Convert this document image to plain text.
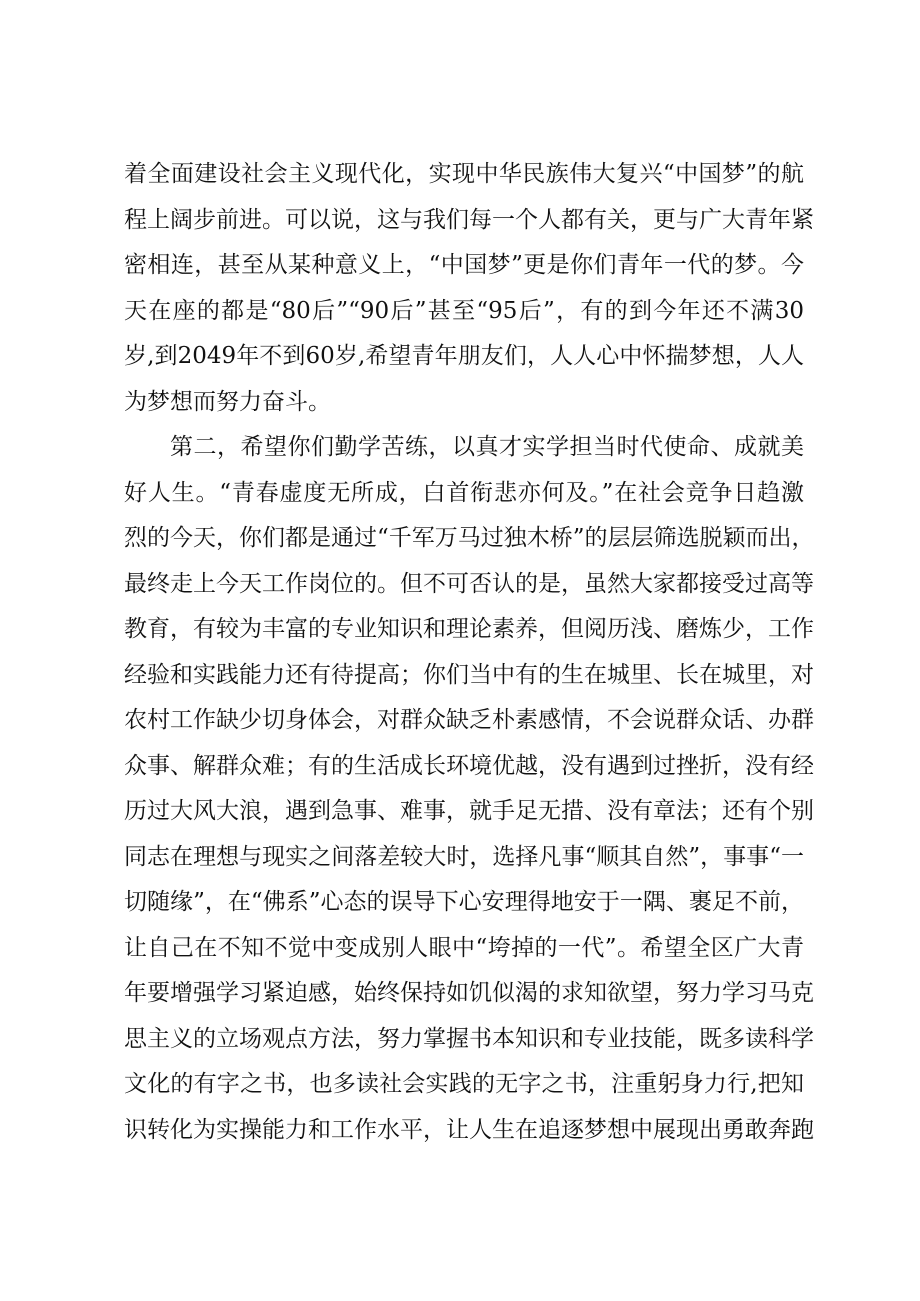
着全面建设社会主义现代化，实现中华民族伟大复兴“中国梦”的航
程上阔步前进。可以说，这与我们每一个人都有关，更与广大青年紧
密相连，甚至从某种意义上，“中国梦”更是你们青年一代的梦。今
天在座的都是“80后”“90后”甚至“95后”，有的到今年还不满30
岁,到2049年不到60岁,希望青年朋友们，人人心中怀揣梦想，人人
为梦想而努力奋斗。
第二，希望你们勤学苦练，以真才实学担当时代使命、成就美
好人生。“青春虚度无所成，白首衔悲亦何及。”在社会竞争日趋激
烈的今天，你们都是通过“千军万马过独木桥”的层层筛选脱颖而出，
最终走上今天工作岗位的。但不可否认的是，虽然大家都接受过高等
教育，有较为丰富的专业知识和理论素养，但阅历浅、磨炼少，工作
经验和实践能力还有待提高；你们当中有的生在城里、长在城里，对
农村工作缺少切身体会，对群众缺乏朴素感情，不会说群众话、办群
众事、解群众难；有的生活成长环境优越，没有遇到过挫折，没有经
历过大风大浪，遇到急事、难事，就手足无措、没有章法；还有个别
同志在理想与现实之间落差较大时，选择凡事“顺其自然”，事事“一
切随缘”，在“佛系”心态的误导下心安理得地安于一隅、裹足不前，
让自己在不知不觉中变成别人眼中“垮掉的一代”。希望全区广大青
年要增强学习紧迫感，始终保持如饥似渴的求知欲望，努力学习马克
思主义的立场观点方法，努力掌握书本知识和专业技能，既多读科学
文化的有字之书，也多读社会实践的无字之书，注重躬身力行,把知
识转化为实操能力和工作水平，让人生在追逐梦想中展现出勇敢奔跑
